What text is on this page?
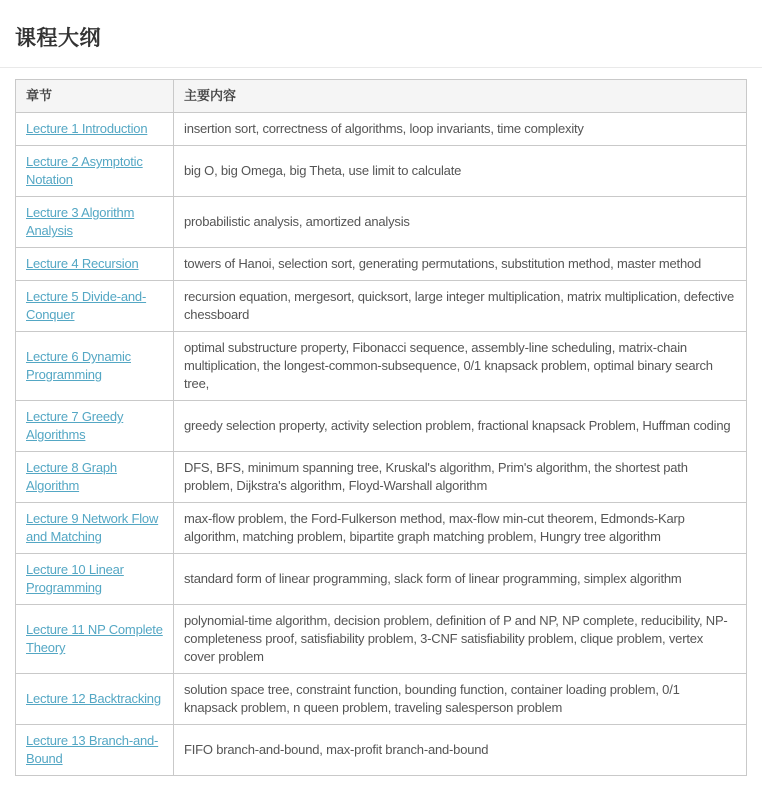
课程大纲
章节	主要内容
Lecture 1 Introduction	insertion sort, correctness of algorithms, loop invariants, time complexity
Lecture 2 Asymptotic Notation	big O, big Omega, big Theta, use limit to calculate
Lecture 3 Algorithm Analysis	probabilistic analysis, amortized analysis
Lecture 4 Recursion	towers of Hanoi, selection sort, generating permutations, substitution method, master method
Lecture 5 Divide-and-Conquer	recursion equation, mergesort, quicksort, large integer multiplication, matrix multiplication, defective chessboard
Lecture 6 Dynamic Programming	optimal substructure property, Fibonacci sequence, assembly-line scheduling, matrix-chain multiplication, the longest-common-subsequence, 0/1 knapsack problem, optimal binary search tree,
Lecture 7 Greedy Algorithms	greedy selection property, activity selection problem, fractional knapsack Problem, Huffman coding
Lecture 8 Graph Algorithm	DFS, BFS, minimum spanning tree, Kruskal's algorithm, Prim's algorithm, the shortest path problem, Dijkstra's algorithm, Floyd-Warshall algorithm
Lecture 9 Network Flow and Matching	max-flow problem, the Ford-Fulkerson method, max-flow min-cut theorem, Edmonds-Karp algorithm, matching problem, bipartite graph matching problem, Hungry tree algorithm
Lecture 10 Linear Programming	standard form of linear programming, slack form of linear programming, simplex algorithm
Lecture 11 NP Complete Theory	polynomial-time algorithm, decision problem, definition of P and NP, NP complete, reducibility, NP-completeness proof, satisfiability problem, 3-CNF satisfiability problem, clique problem, vertex cover problem
Lecture 12 Backtracking	solution space tree, constraint function, bounding function, container loading problem, 0/1 knapsack problem, n queen problem, traveling salesperson problem
Lecture 13 Branch-and-Bound	FIFO branch-and-bound, max-profit branch-and-bound
